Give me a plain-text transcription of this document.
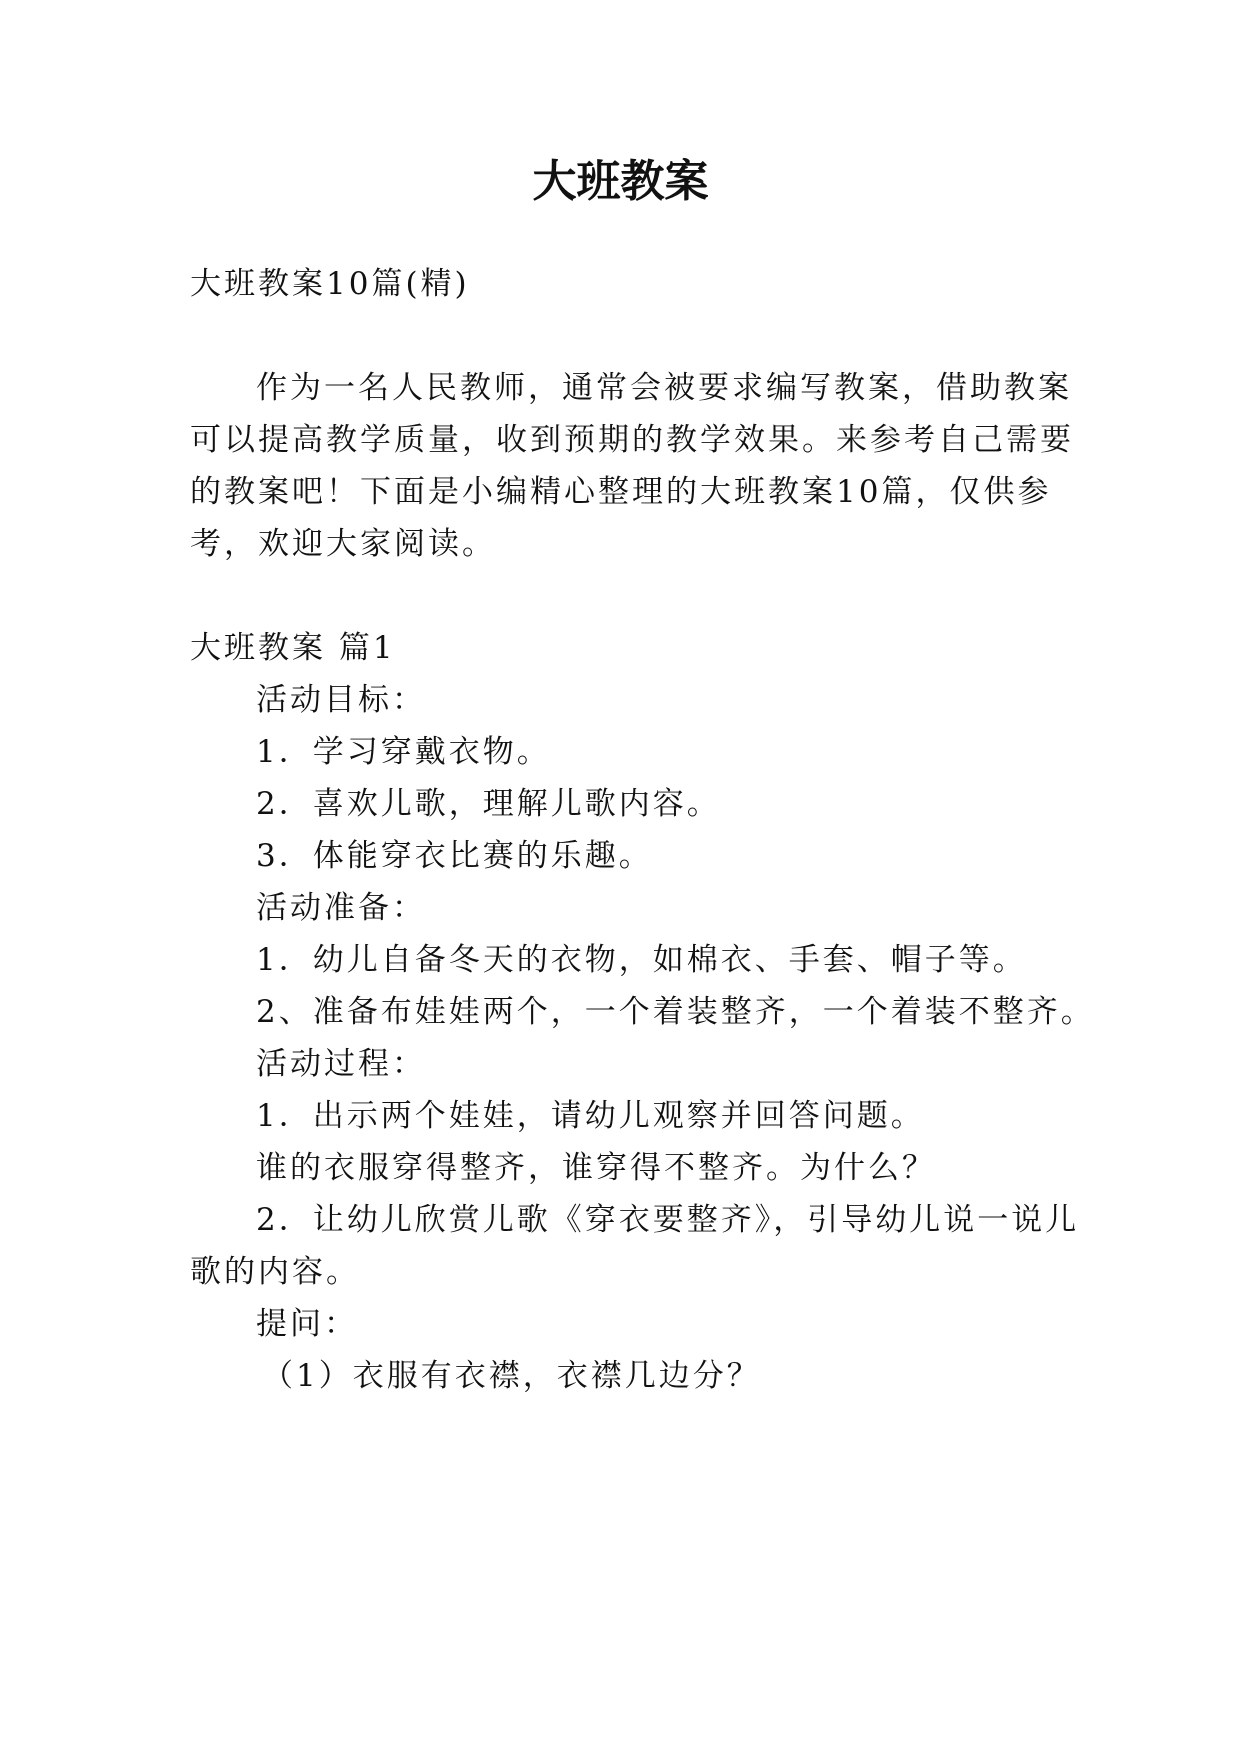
大班教案

大班教案10篇(精)

作为一名人民教师，通常会被要求编写教案，借助教案

可以提高教学质量，收到预期的教学效果。来参考自己需要

的教案吧！下面是小编精心整理的大班教案10篇，仅供参

考，欢迎大家阅读。

大班教案 篇1

活动目标：

1．学习穿戴衣物。

2．喜欢儿歌，理解儿歌内容。

3．体能穿衣比赛的乐趣。

活动准备：

1．幼儿自备冬天的衣物，如棉衣、手套、帽子等。

2、准备布娃娃两个，一个着装整齐，一个着装不整齐。

活动过程：

1．出示两个娃娃，请幼儿观察并回答问题。

谁的衣服穿得整齐，谁穿得不整齐。为什么？

2．让幼儿欣赏儿歌《穿衣要整齐》，引导幼儿说一说儿

歌的内容。

提问：

（1）衣服有衣襟，衣襟几边分？
